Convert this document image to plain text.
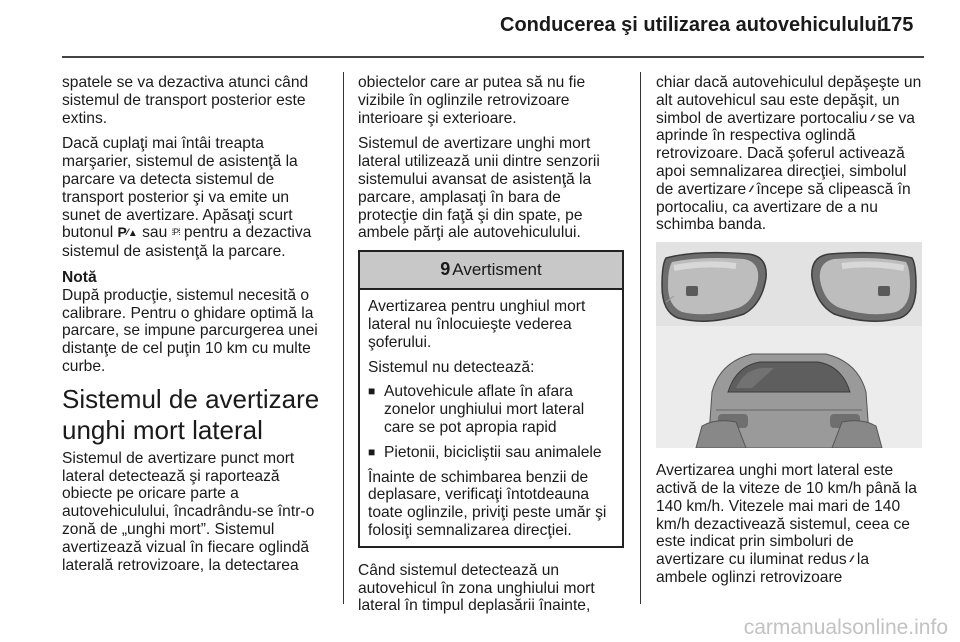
Conducerea şi utilizarea autovehiculului
175

spatele se va dezactiva atunci când sistemul de transport posterior este extins.

Dacă cuplaţi mai întâi treapta marşarier, sistemul de asistenţă la parcare va detecta sistemul de transport posterior şi va emite un sunet de avertizare. Apăsaţi scurt butonul P⁄⁄▲ sau ⁞P⁞ pentru a dezactiva sistemul de asistenţă la parcare.

Notă

După producţie, sistemul necesită o calibrare. Pentru o ghidare optimă la parcare, se impune parcurgerea unei distanţe de cel puţin 10 km cu multe curbe.

Sistemul de avertizare unghi mort lateral

Sistemul de avertizare punct mort lateral detectează şi raportează obiecte pe oricare parte a autovehiculului, încadrându-se într-o zonă de „unghi mort”. Sistemul avertizează vizual în fiecare oglindă laterală retrovizoare, la detectarea

obiectelor care ar putea să nu fie vizibile în oglinzile retrovizoare interioare şi exterioare.

Sistemul de avertizare unghi mort lateral utilizează unii dintre senzorii sistemului avansat de asistenţă la parcare, amplasaţi în bara de protecţie din faţă şi din spate, pe ambele părţi ale autovehiculului.

9 Avertisment

Avertizarea pentru unghiul mort lateral nu înlocuieşte vederea şoferului.

Sistemul nu detectează:

■ Autovehicule aflate în afara zonelor unghiului mort lateral care se pot apropia rapid
■ Pietonii, bicicliştii sau animalele

Înainte de schimbarea benzii de deplasare, verificaţi întotdeauna toate oglinzile, priviţi peste umăr şi folosiţi semnalizarea direcţiei.

Când sistemul detectează un autovehicul în zona unghiului mort lateral în timpul deplasării înainte,

chiar dacă autovehiculul depăşeşte un alt autovehicul sau este depăşit, un simbol de avertizare portocaliu ⁄⁄⁄ se va aprinde în respectiva oglindă retrovizoare. Dacă şoferul activează apoi semnalizarea direcţiei, simbolul de avertizare ⁄⁄⁄ începe să clipească în portocaliu, ca avertizare de a nu schimba banda.

Avertizarea unghi mort lateral este activă de la viteze de 10 km/h până la 140 km/h. Vitezele mai mari de 140 km/h dezactivează sistemul, ceea ce este indicat prin simboluri de avertizare cu iluminat redus ⁄⁄⁄ la ambele oglinzi retrovizoare

carmanualsonline.info
